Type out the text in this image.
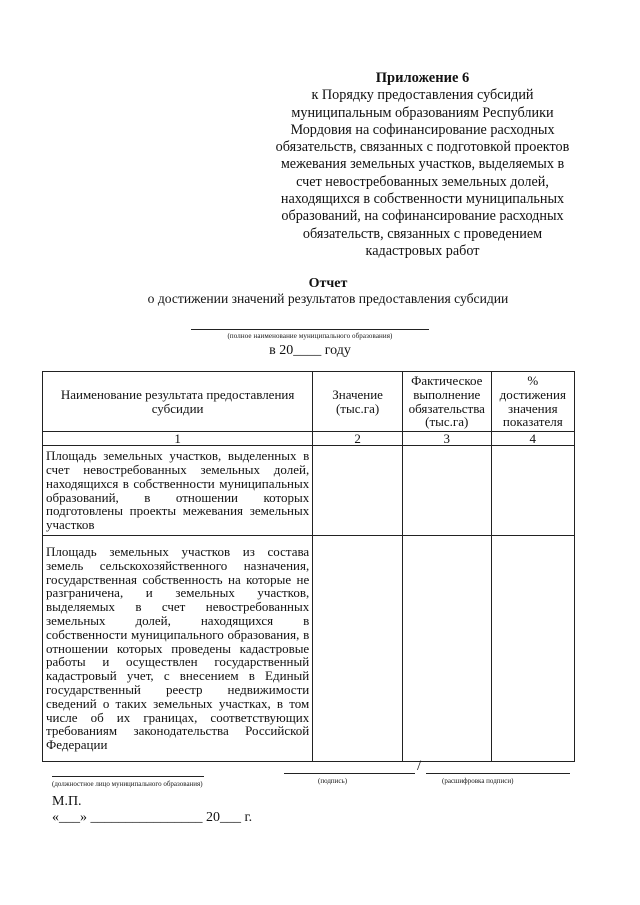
Приложение 6
к Порядку предоставления субсидий
муниципальным образованиям Республики
Мордовия на софинансирование расходных
обязательств, связанных с подготовкой проектов
межевания земельных участков, выделяемых в
счет невостребованных земельных долей,
находящихся в собственности муниципальных
образований, на софинансирование расходных
обязательств, связанных с проведением
кадастровых работ
Отчет
о достижении значений результатов предоставления субсидии
(полное наименование муниципального образования)
в 20____ году
Наименование результата предоставления субсидии	Значение (тыс.га)	Фактическое выполнение обязательства (тыс.га)	% достижения значения показателя
1	2	3	4
Площадь земельных участков, выделенных в счет невостребованных земельных долей, находящихся в собственности муниципальных образований, в отношении которых подготовлены проекты межевания земельных участков			
Площадь земельных участков из состава земель сельскохозяйственного назначения, государственная собственность на которые не разграничена, и земельных участков, выделяемых в счет невостребованных земельных долей, находящихся в собственности муниципального образования, в отношении которых проведены кадастровые работы и осуществлен государственный кадастровый учет, с внесением в Единый государственный реестр недвижимости сведений о таких земельных участках, в том числе об их границах, соответствующих требованиям законодательства Российской Федерации			
(должностное лицо муниципального образования)	(подпись)
/
(расшифровка подписи)
М.П.
«___» ________________ 20___ г.
